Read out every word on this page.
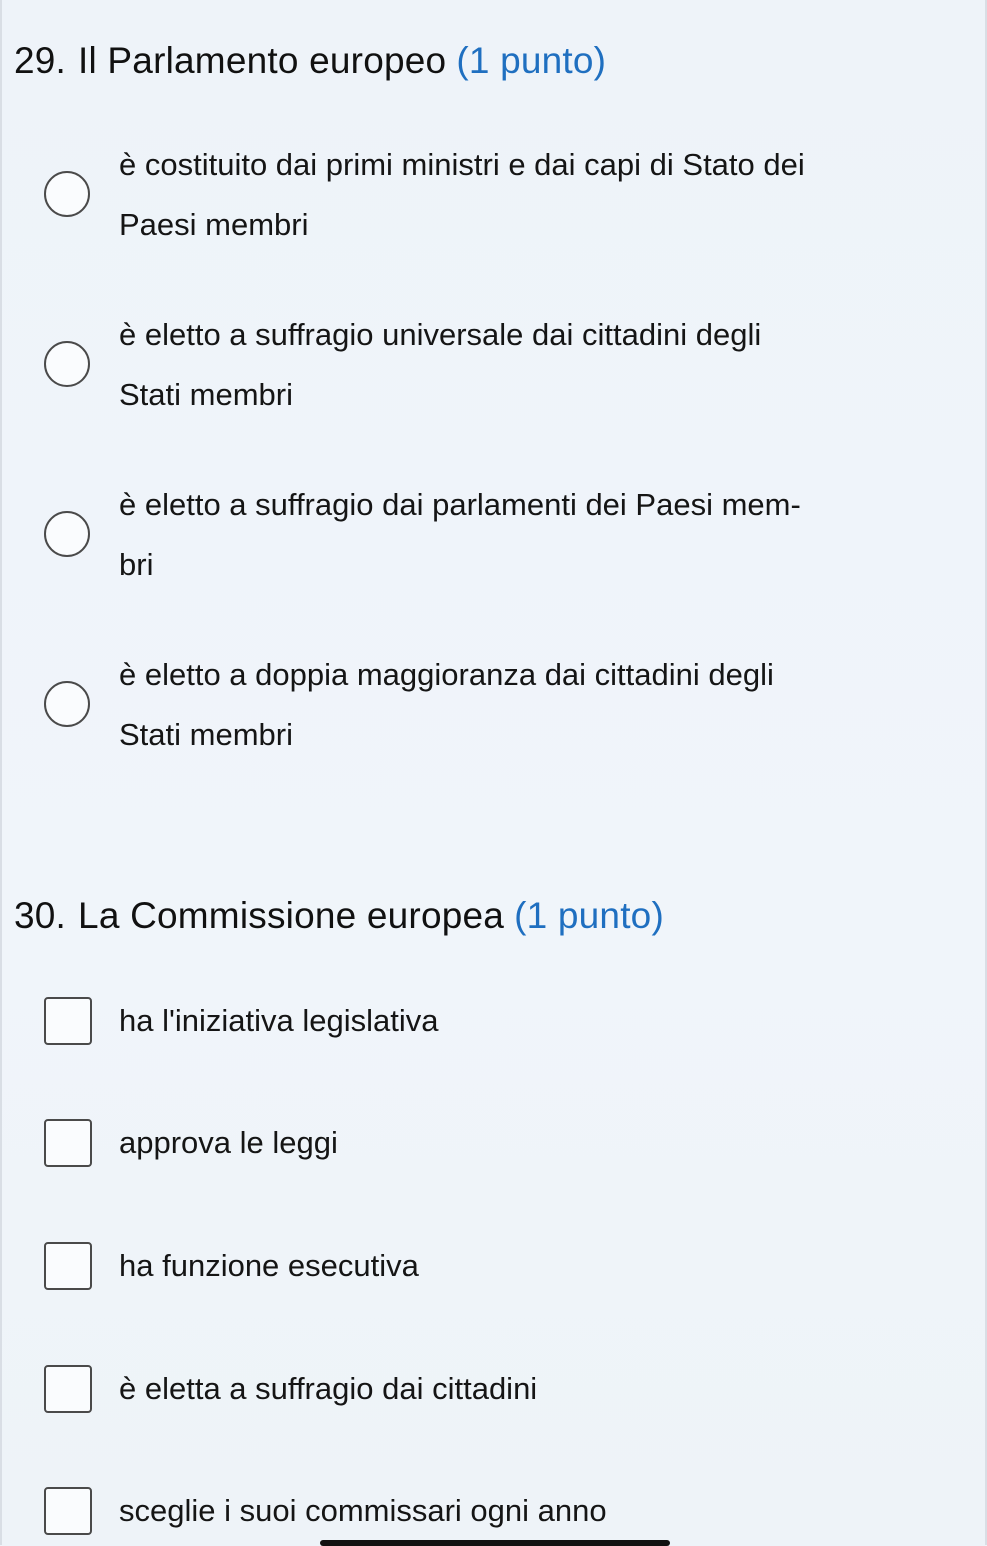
29. Il Parlamento europeo (1 punto)
è costituito dai primi ministri e dai capi di Stato dei
Paesi membri
è eletto a suffragio universale dai cittadini degli
Stati membri
è eletto a suffragio dai parlamenti dei Paesi mem-
bri
è eletto a doppia maggioranza dai cittadini degli
Stati membri
30. La Commissione europea (1 punto)
ha l'iniziativa legislativa
approva le leggi
ha funzione esecutiva
è eletta a suffragio dai cittadini
sceglie i suoi commissari ogni anno
